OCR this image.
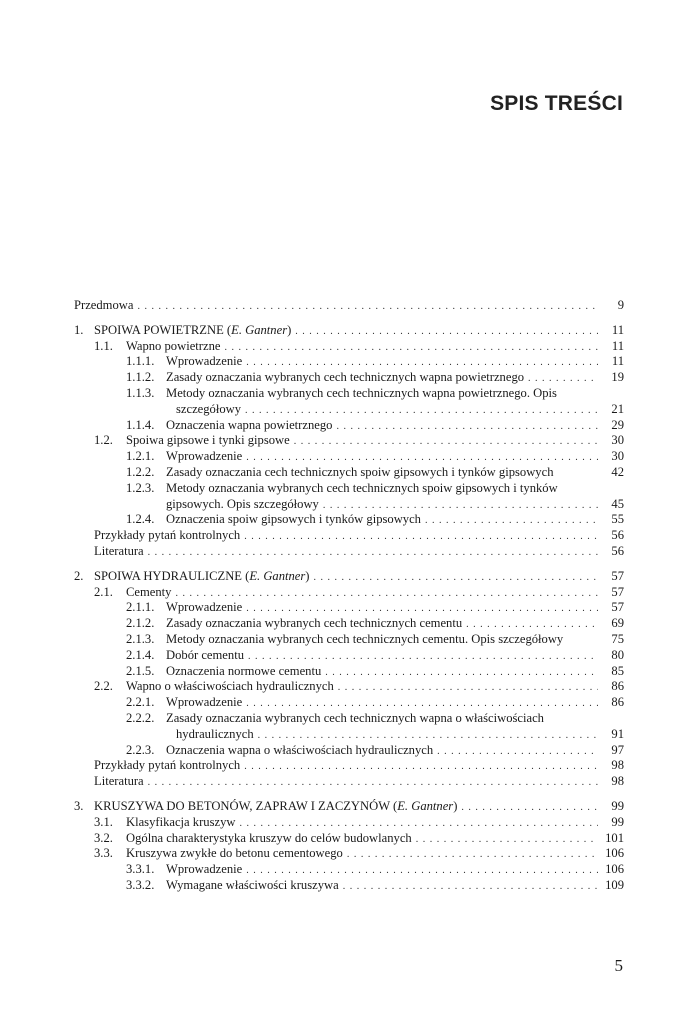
SPIS TREŚCI
Przedmowa . . .	9
1. SPOIWA POWIETRZNE (E. Gantner) . . .	11
1.1.	Wapno powietrzne . . .	11
1.1.1. Wprowadzenie . . .	11
1.1.2. Zasady oznaczania wybranych cech technicznych wapna powietrznego . . .	19
1.1.3. Metody oznaczania wybranych cech technicznych wapna powietrznego. Opis
szczegółowy . . .	21
1.1.4. Oznaczenia wapna powietrznego . . .	29
1.2.	Spoiwa gipsowe i tynki gipsowe . . .	30
1.2.1. Wprowadzenie . . .	30
1.2.2. Zasady oznaczania cech technicznych spoiw gipsowych i tynków gipsowych	42
1.2.3. Metody oznaczania wybranych cech technicznych spoiw gipsowych i tynków
gipsowych. Opis szczegółowy . . .	45
1.2.4. Oznaczenia spoiw gipsowych i tynków gipsowych . . .	55
Przykłady pytań kontrolnych . . .	56
Literatura . . .	56
2. SPOIWA HYDRAULICZNE (E. Gantner) . . .	57
2.1.	Cementy . . .	57
2.1.1. Wprowadzenie . . .	57
2.1.2. Zasady oznaczania wybranych cech technicznych cementu . . .	69
2.1.3. Metody oznaczania wybranych cech technicznych cementu. Opis szczegółowy	75
2.1.4. Dobór cementu . . .	80
2.1.5. Oznaczenia normowe cementu . . .	85
2.2.	Wapno o właściwościach hydraulicznych . . .	86
2.2.1. Wprowadzenie . . .	86
2.2.2. Zasady oznaczania wybranych cech technicznych wapna o właściwościach
hydraulicznych . . .	91
2.2.3. Oznaczenia wapna o właściwościach hydraulicznych . . .	97
Przykłady pytań kontrolnych . . .	98
Literatura . . .	98
3. KRUSZYWA DO BETONÓW, ZAPRAW I ZACZYNÓW (E. Gantner) . . .	99
3.1.	Klasyfikacja kruszyw . . .	99
3.2.	Ogólna charakterystyka kruszyw do celów budowlanych . . .	101
3.3.	Kruszywa zwykłe do betonu cementowego . . .	106
3.3.1. Wprowadzenie . . .	106
3.3.2. Wymagane właściwości kruszywa . . .	109
5
